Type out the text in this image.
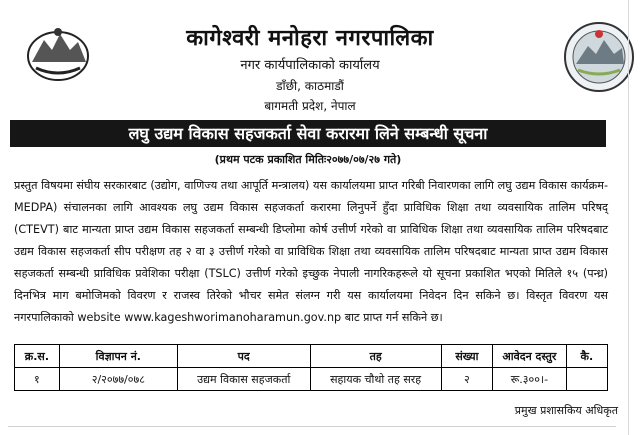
कागेश्वरी मनोहरा नगरपालिका
नगर कार्यपालिकाको कार्यालय
डाँछी, काठमाडौं
बागमती प्रदेश, नेपाल
लघु उद्यम विकास सहजकर्ता सेवा करारमा लिने सम्बन्धी सूचना
(प्रथम पटक प्रकाशित मितिः२०७७/०७/२७ गते)
प्रस्तुत विषयमा संघीय सरकारबाट (उद्योग, वाणिज्य तथा आपूर्ति मन्त्रालय) यस कार्यालयमा प्राप्त गरिबी निवारणका लागि लघु उद्यम विकास कार्यक्रम-MEDPA) संचालनका लागि आवश्यक लघु उद्यम विकास सहजकर्ता करारमा लिनुपर्ने हुँदा प्राविधिक शिक्षा तथा व्यवसायिक तालिम परिषद् (CTEVT) बाट मान्यता प्राप्त उद्यम विकास सहजकर्ता सम्बन्धी डिप्लोमा कोर्ष उत्तीर्ण गरेको वा प्राविधिक शिक्षा तथा व्यवसायिक तालिम परिषदबाट उद्यम विकास सहजकर्ता सीप परीक्षण तह २ वा ३ उत्तीर्ण गरेको वा प्राविधिक शिक्षा तथा व्यवसायिक तालिम परिषदबाट मान्यता प्राप्त उद्यम विकास सहजकर्ता सम्बन्धी प्राविधिक प्रवेशिका परीक्षा (TSLC) उत्तीर्ण गरेको इच्छुक नेपाली नागरिकहरूले यो सूचना प्रकाशित भएको मितिले १५ (पन्ध्र) दिनभित्र माग बमोजिमको विवरण र राजस्व तिरेको भौचर समेत संलग्न गरी यस कार्यालयमा निवेदन दिन सकिने छ। विस्तृत विवरण यस नगरपालिकाको website www.kageshworimanoharamun.gov.np बाट प्राप्त गर्न सकिने छ।
क्र.स.	विज्ञापन नं.	पद	तह	संख्या	आवेदन दस्तुर	कै.
१	२/२०७७/०७८	उद्यम विकास सहजकर्ता	सहायक चौथो तह सरह	२	रू.३००।-	
प्रमुख प्रशासकिय अधिकृत
